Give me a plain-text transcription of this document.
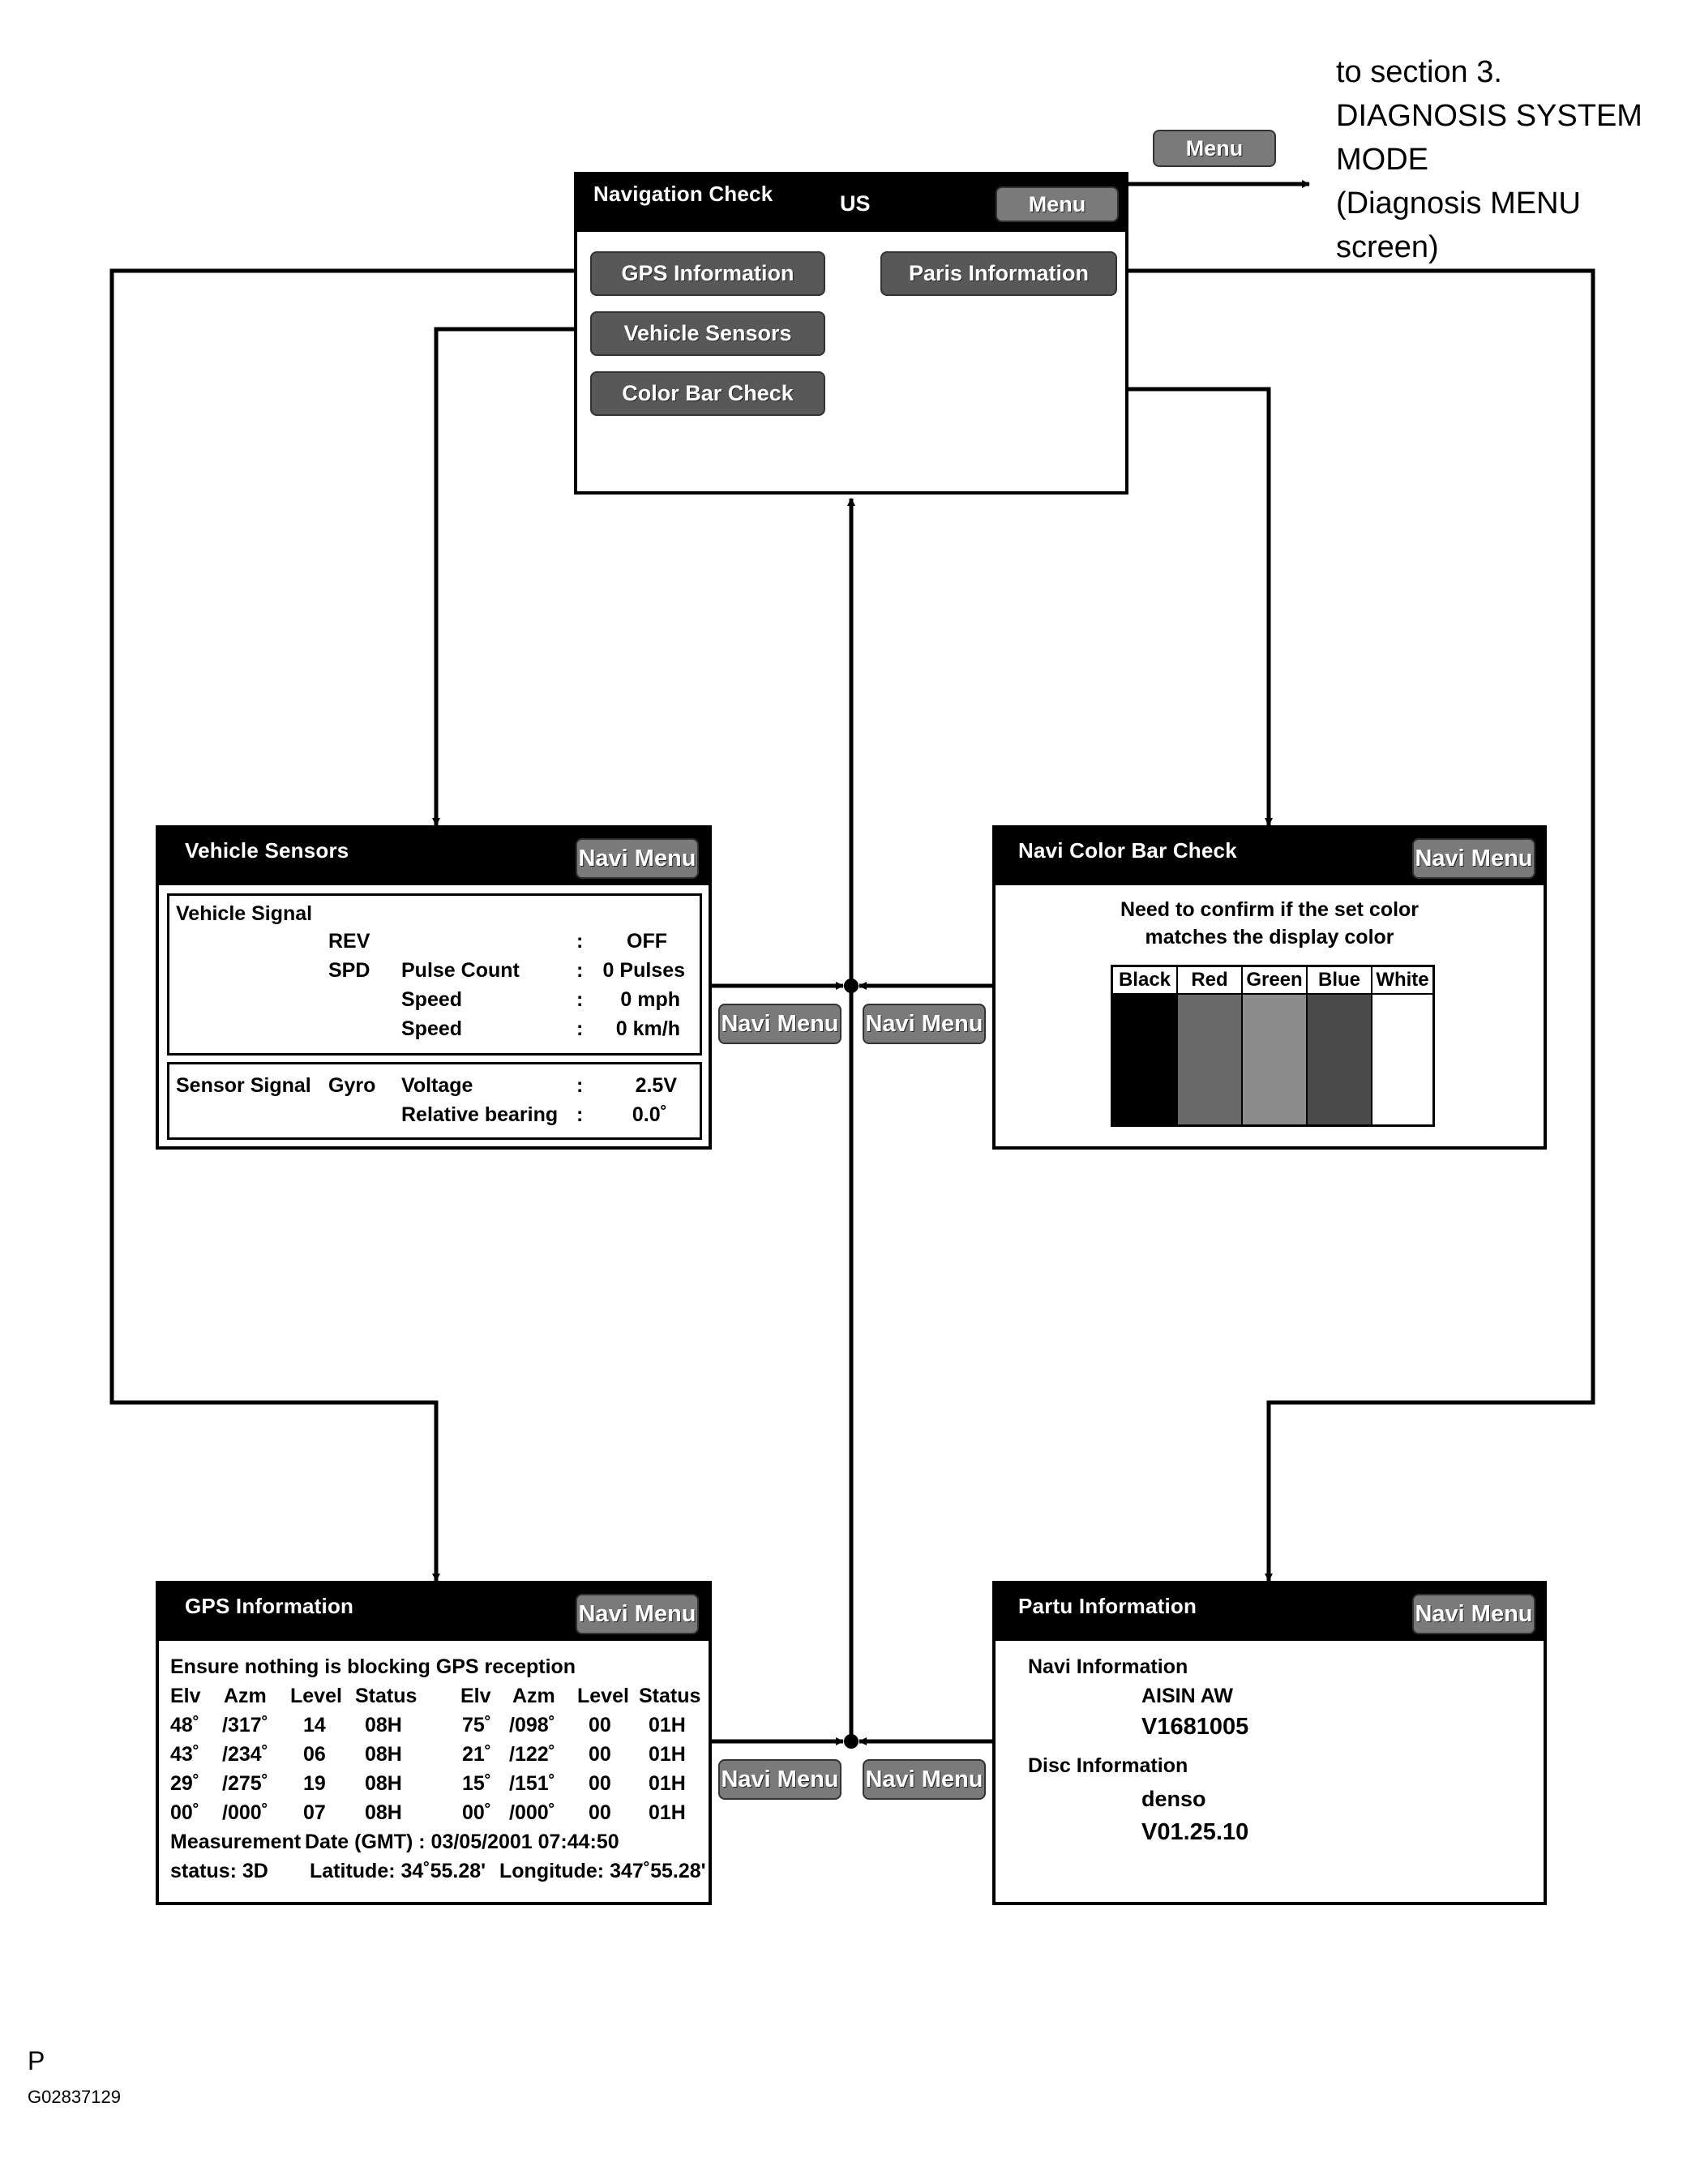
Menu
to section 3.
DIAGNOSIS SYSTEM
MODE
(Diagnosis MENU
screen)
Navigation Check	US	Menu
GPS Information	Paris Information
Vehicle Sensors
Color Bar Check
Vehicle Sensors	Navi Menu
Vehicle Signal
REV	: OFF
SPD Pulse Count	: 0 Pulses
Speed	: 0 mph
Speed	: 0 km/h
Sensor Signal Gyro Voltage	:	2.5V
Relative bearing : 0.0˚
Navi Menu Navi Menu
Navi Menu Navi Menu
Navi Color Bar Check	Navi Menu
Need to confirm if the set color
matches the display color
Black	Red Green Blue White
GPS Information	Navi Menu
Ensure nothing is blocking GPS reception
Elv Azm Level Status Elv Azm Level Status
48˚ /317˚ 14 08H	75˚ /098˚ 00 01H
43˚ /234˚ 06 08H	21˚ /122˚ 00 01H
29˚ /275˚ 19 08H	15˚ /151˚ 00 01H
00˚ /000˚ 07 08H	00˚ /000˚ 00 01H
Measurement Date (GMT) : 03/05/2001 07:44:50
status: 3D Latitude: 34˚55.28' Longitude: 347˚55.28'
Partu Information	Navi Menu
Navi Information
AISIN AW
V1681005
Disc Information
denso
V01.25.10
P
G02837129
